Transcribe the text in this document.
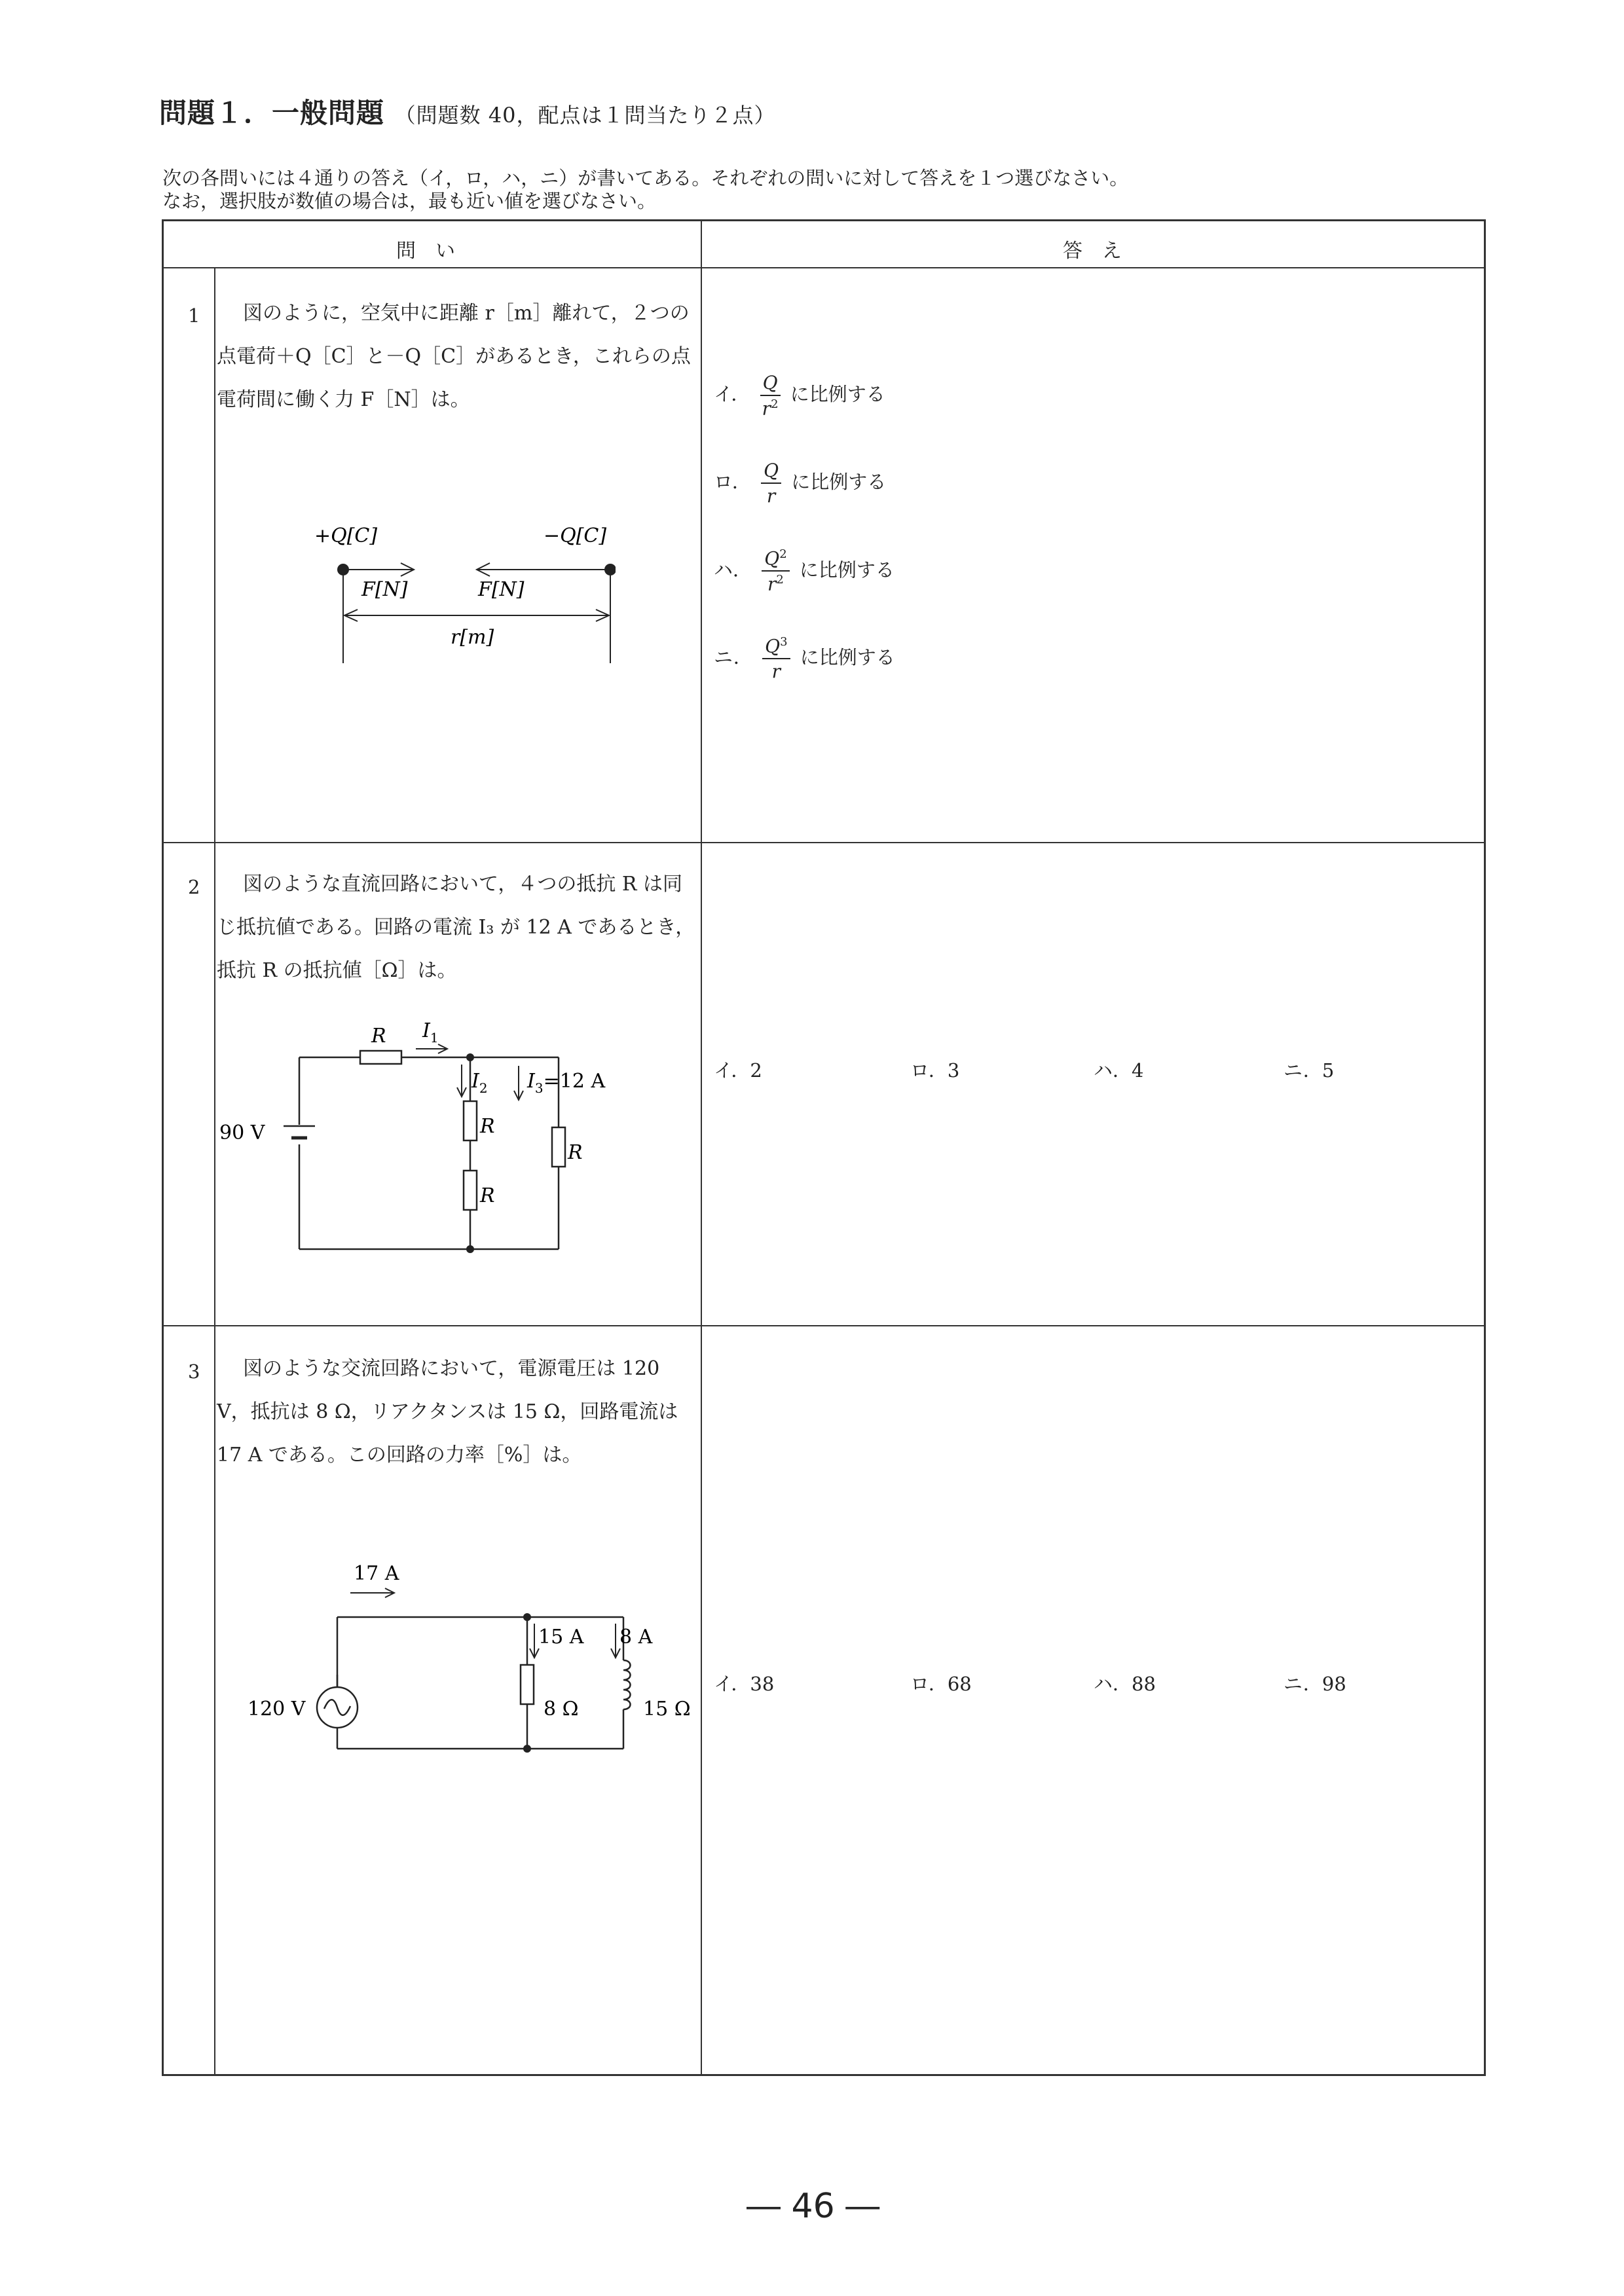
問題１．一般問題 （問題数 40，配点は１問当たり２点）
次の各問いには４通りの答え（イ，ロ，ハ，ニ）が書いてある。それぞれの問いに対して答えを１つ選びなさい。
なお，選択肢が数値の場合は，最も近い値を選びなさい。
問い	答え
1	図のように，空気中に距離 r［m］離れて，２つの点電荷＋Q［C］と－Q［C］があるとき，これらの点電荷間に働く力 F［N］は。
+Q[C]	−Q[C]
F[N]	F[N]
r[m]
イ． $\frac{Q}{r^2}$ に比例する
ロ． $\frac{Q}{r}$ に比例する
ハ． $\frac{Q^2}{r^2}$ に比例する
ニ． $\frac{Q^3}{r}$ に比例する
2	図のような直流回路において，４つの抵抗 R は同じ抵抗値である。回路の電流 I₃ が 12 A であるとき，抵抗 R の抵抗値［Ω］は。
R $I_1$
$I_2$ $I_3=12$ A
R
R
R
90 V
イ．2	ロ．3	ハ．4	ニ．5
3	図のような交流回路において，電源電圧は 120 V，抵抗は 8 Ω，リアクタンスは 15 Ω，回路電流は 17 A である。この回路の力率［%］は。
17 A
15 A 8 A
120 V	8 Ω	15 Ω
イ．38	ロ．68	ハ．88	ニ．98
― 46 ―
